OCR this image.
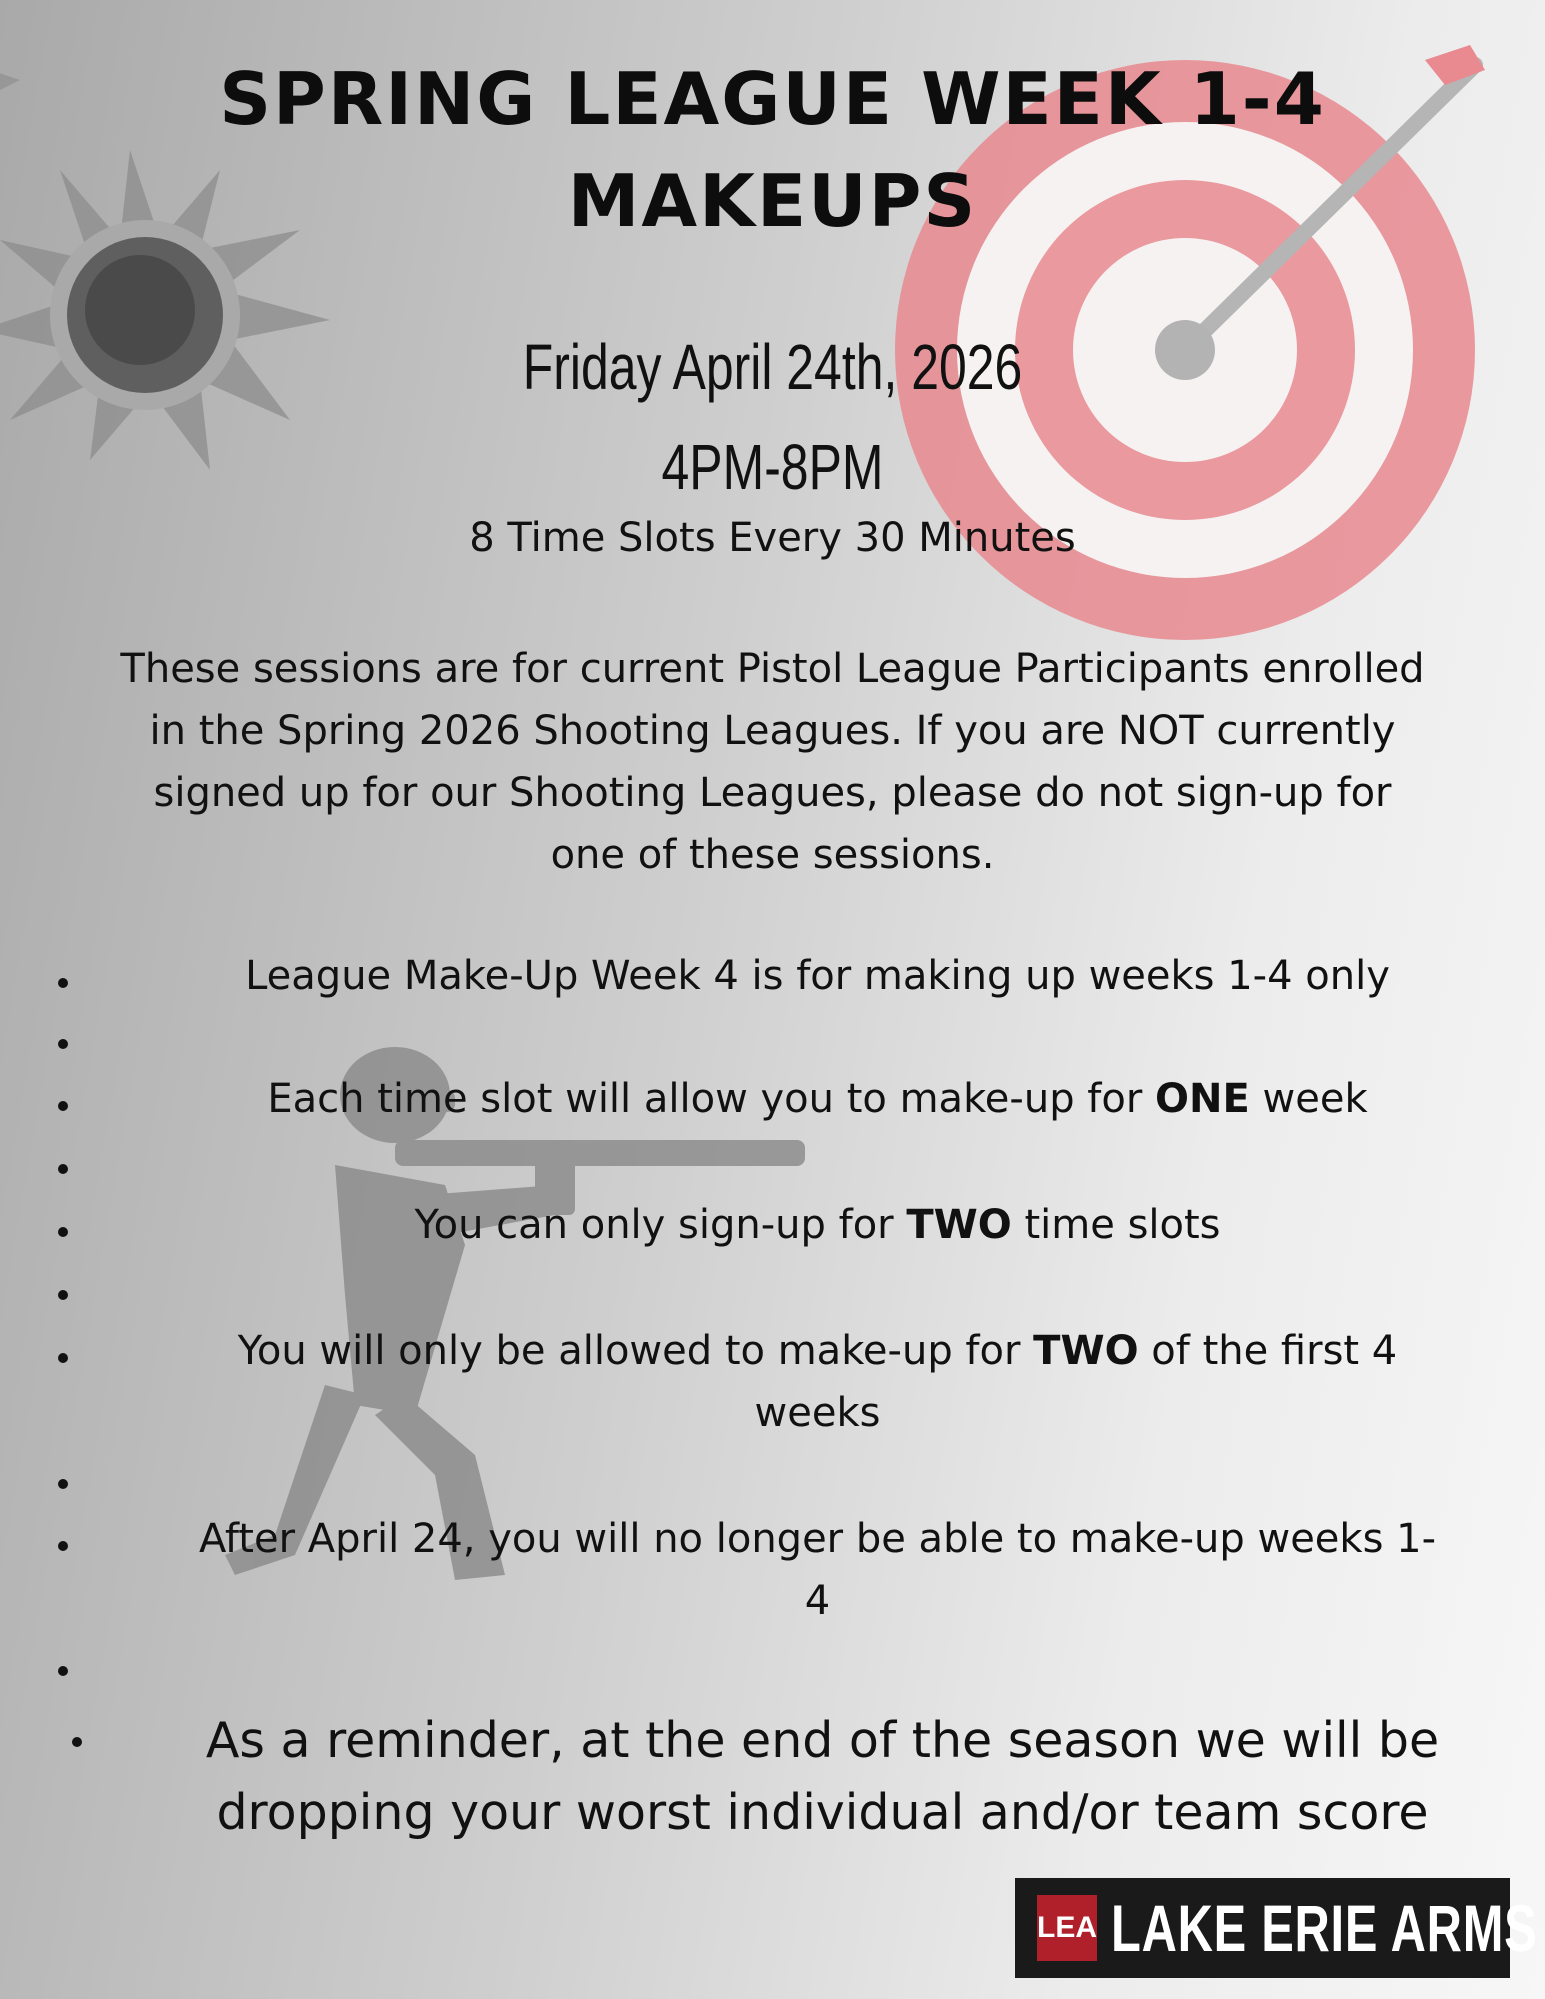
SPRING LEAGUE WEEK 1-4
MAKEUPS
Friday April 24th, 2026
4PM-8PM
8 Time Slots Every 30 Minutes
These sessions are for current Pistol League Participants enrolled
in the Spring 2026 Shooting Leagues. If you are NOT currently
signed up for our Shooting Leagues, please do not sign-up for
one of these sessions.
League Make-Up Week 4 is for making up weeks 1-4 only
Each time slot will allow you to make-up for ONE week
You can only sign-up for TWO time slots
You will only be allowed to make-up for TWO of the first 4
weeks
After April 24, you will no longer be able to make-up weeks 1-
4
As a reminder, at the end of the season we will be
dropping your worst individual and/or team score
LEA LAKE ERIE ARMS
